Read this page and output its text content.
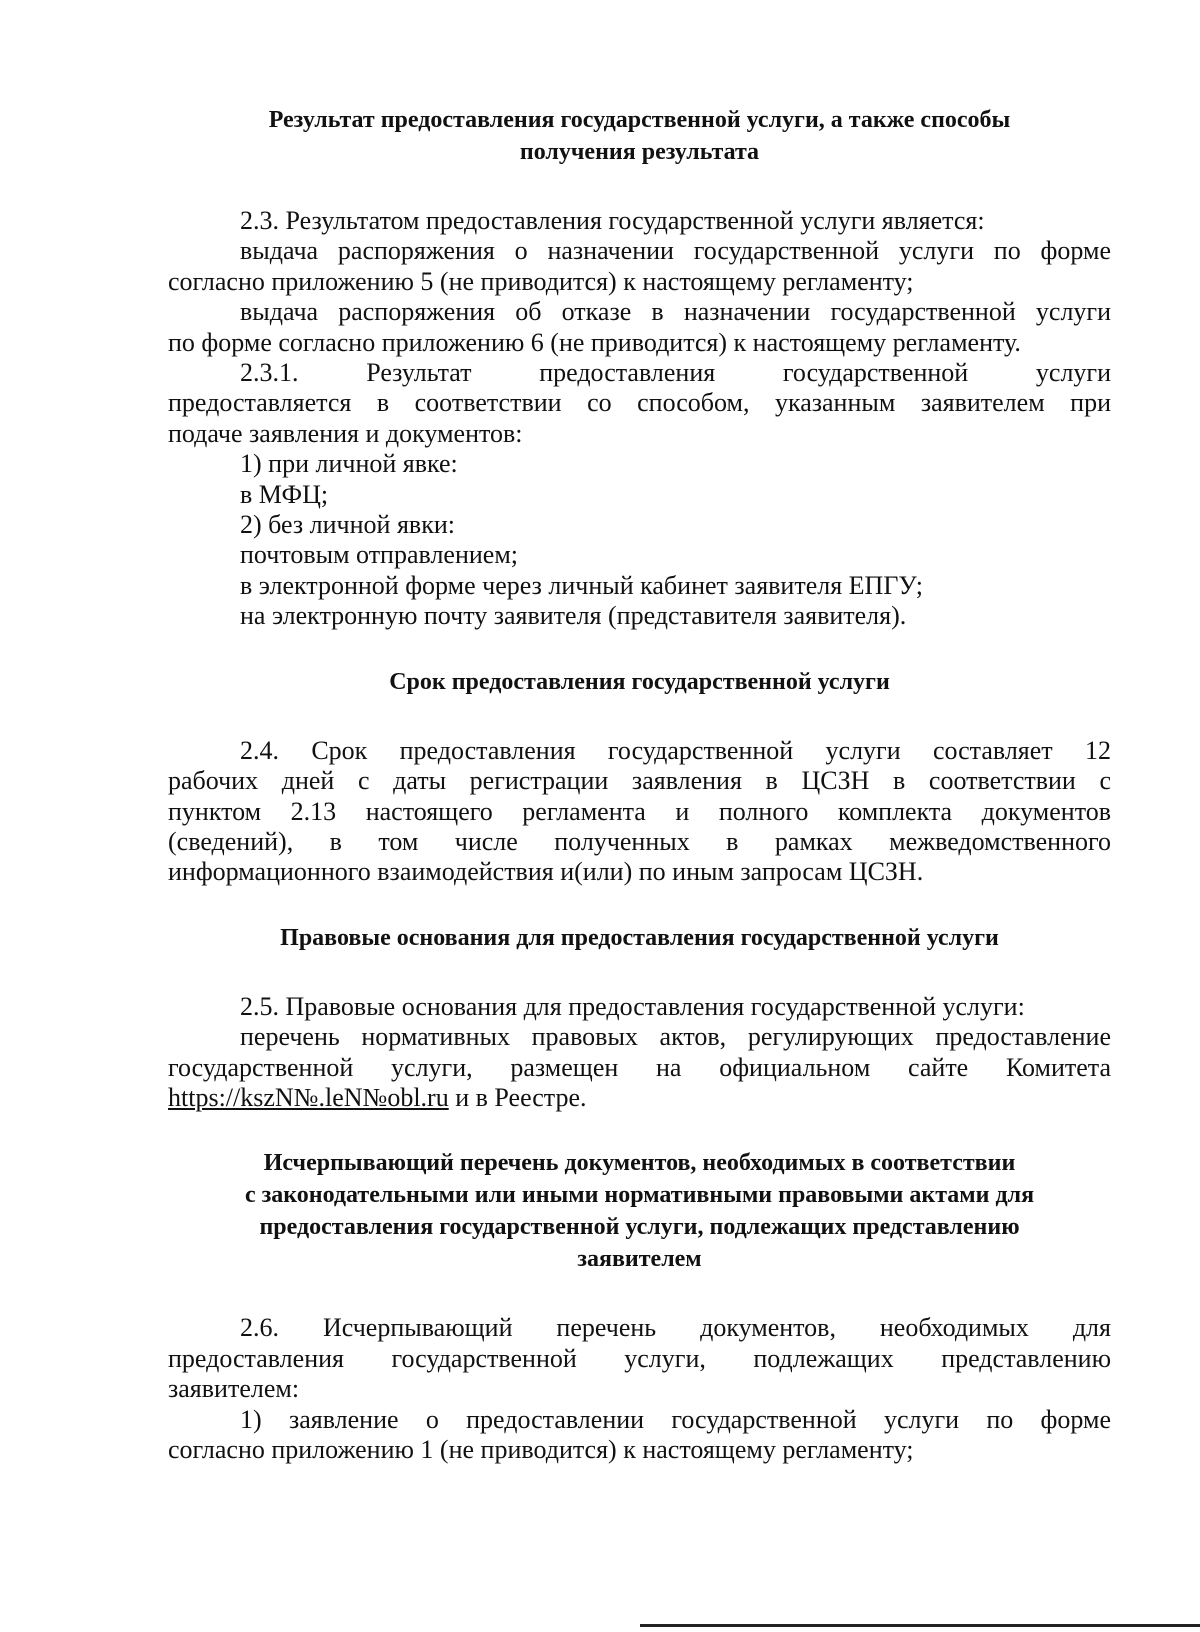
Результат предоставления государственной услуги, а также способы
получения результата
2.3. Результатом предоставления государственной услуги является:
выдача распоряжения о назначении государственной услуги по форме
согласно приложению 5 (не приводится) к настоящему регламенту;
выдача распоряжения об отказе в назначении государственной услуги
по форме согласно приложению 6 (не приводится) к настоящему регламенту.
2.3.1. Результат предоставления государственной услуги
предоставляется в соответствии со способом, указанным заявителем при
подаче заявления и документов:
1) при личной явке:
в МФЦ;
2) без личной явки:
почтовым отправлением;
в электронной форме через личный кабинет заявителя ЕПГУ;
на электронную почту заявителя (представителя заявителя).
Срок предоставления государственной услуги
2.4. Срок предоставления государственной услуги составляет 12
рабочих дней с даты регистрации заявления в ЦСЗН в соответствии с
пунктом 2.13 настоящего регламента и полного комплекта документов
(сведений), в том числе полученных в рамках межведомственного
информационного взаимодействия и(или) по иным запросам ЦСЗН.
Правовые основания для предоставления государственной услуги
2.5. Правовые основания для предоставления государственной услуги:
перечень нормативных правовых актов, регулирующих предоставление
государственной услуги, размещен на официальном сайте Комитета
https://kszN№.leN№obl.ru и в Реестре.
Исчерпывающий перечень документов, необходимых в соответствии
с законодательными или иными нормативными правовыми актами для
предоставления государственной услуги, подлежащих представлению
заявителем
2.6. Исчерпывающий перечень документов, необходимых для
предоставления государственной услуги, подлежащих представлению
заявителем:
1) заявление о предоставлении государственной услуги по форме
согласно приложению 1 (не приводится) к настоящему регламенту;
